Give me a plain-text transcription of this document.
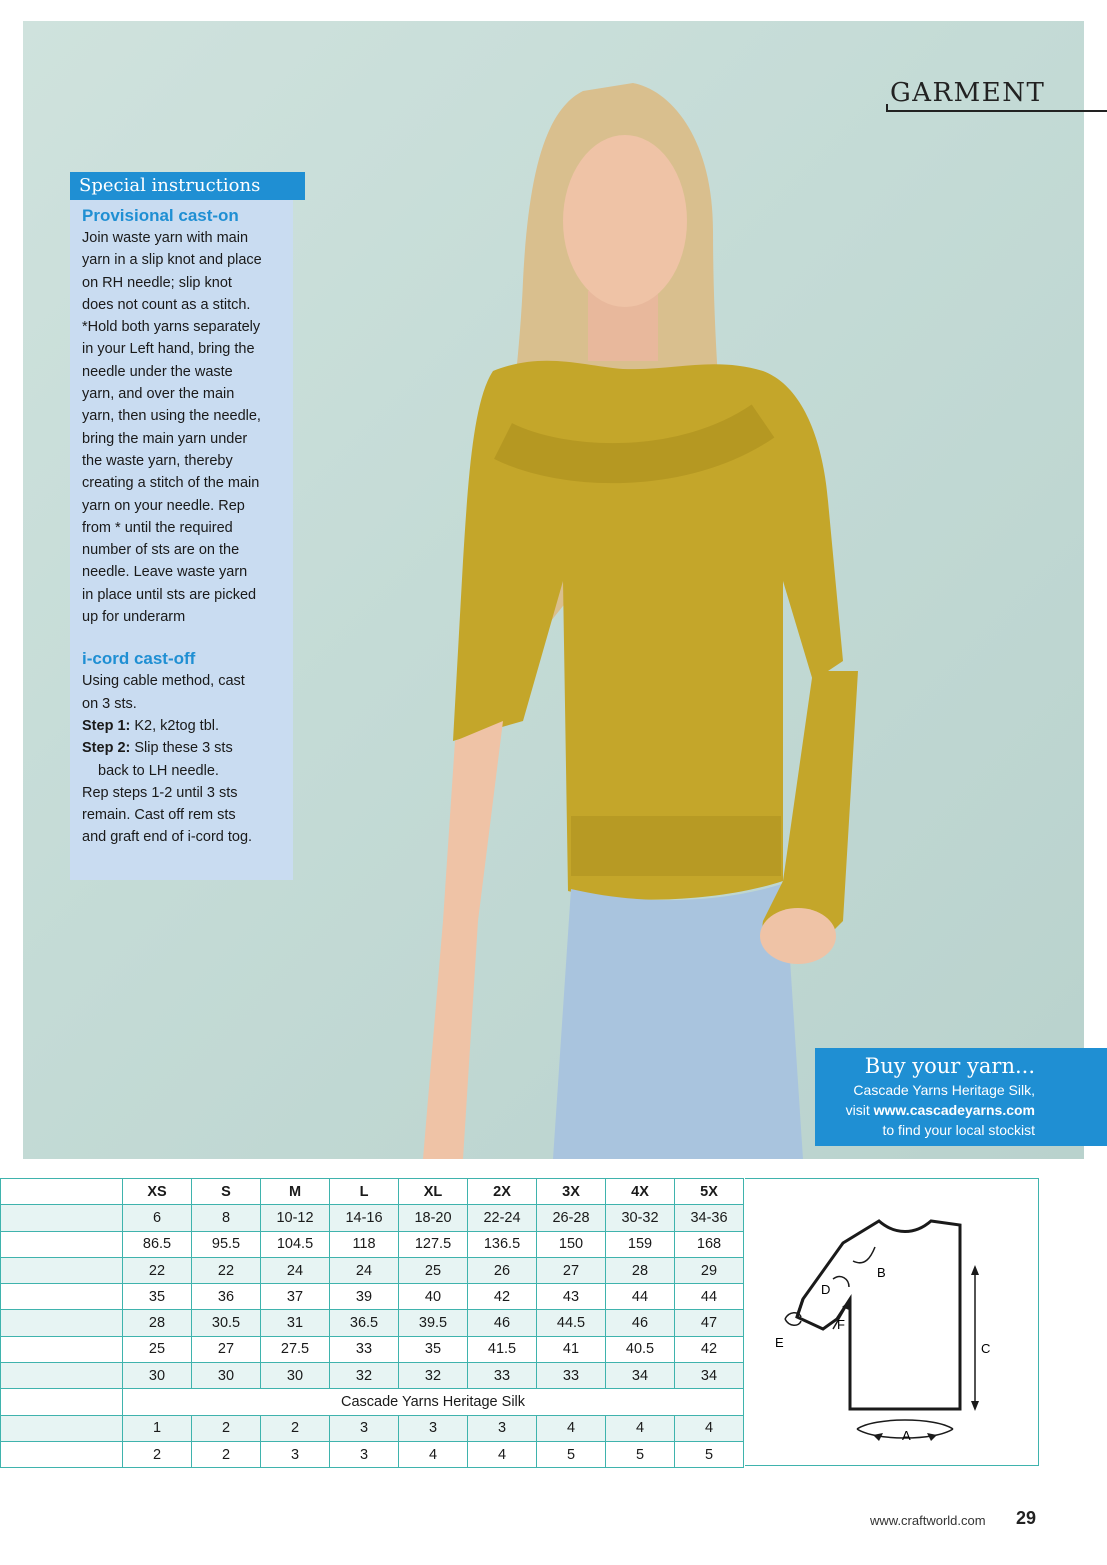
GARMENT
Special instructions

Provisional cast-on

Join waste yarn with main

yarn in a slip knot and place

on RH needle; slip knot

does not count as a stitch.

*Hold both yarns separately

in your Left hand, bring the

needle under the waste

yarn, and over the main

yarn, then using the needle,

bring the main yarn under

the waste yarn, thereby

creating a stitch of the main

yarn on your needle. Rep

from * until the required

number of sts are on the

needle. Leave waste yarn

in place until sts are picked

up for underarm

i-cord cast-off

Using cable method, cast

on 3 sts.

Step 1: K2, k2tog tbl.

Step 2: Slip these 3 sts

back to LH needle.

Rep steps 1-2 until 3 sts

remain. Cast off rem sts

and graft end of i-cord tog.

Buy your yarn...
Cascade Yarns Heritage Silk,
visit www.cascadeyarns.com
to find your local stockist
	XS	S	M	L	XL	2X	3X	4X	5X
	6	8	10-12	14-16	18-20	22-24	26-28	30-32	34-36
	86.5	95.5	104.5	118	127.5	136.5	150	159	168
	22	22	24	24	25	26	27	28	29
	35	36	37	39	40	42	43	44	44
	28	30.5	31	36.5	39.5	46	44.5	46	47
	25	27	27.5	33	35	41.5	41	40.5	42
	30	30	30	32	32	33	33	34	34
	Cascade Yarns Heritage Silk								
	1	2	2	3	3	3	4	4	4
	2	2	3	3	4	4	5	5	5
B
D
F
E	C
A
www.craftworld.com 29
